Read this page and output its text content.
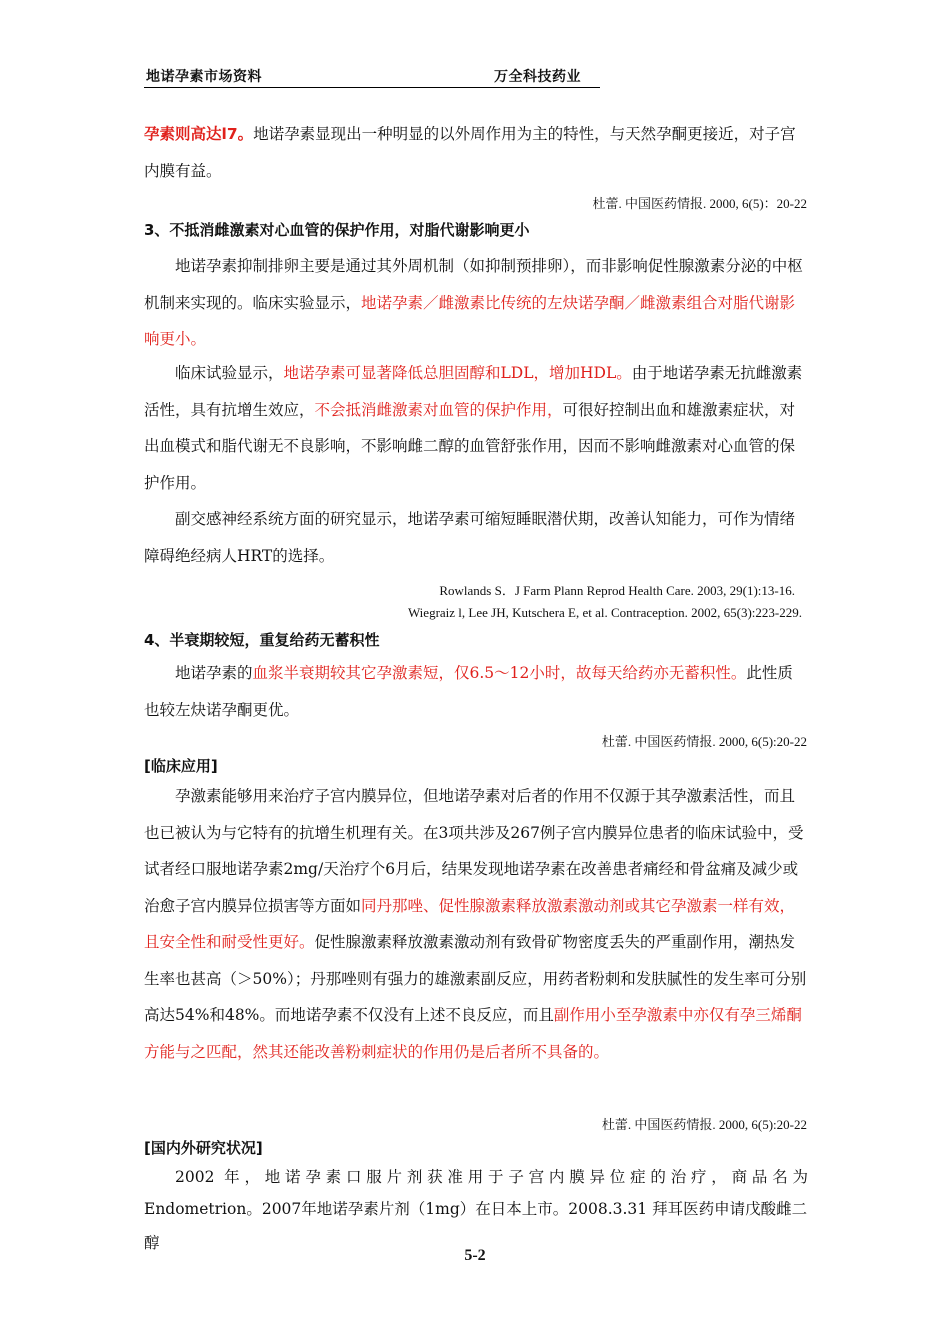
地诺孕素市场资料	万全科技药业

孕素则高达l7。地诺孕素显现出一种明显的以外周作用为主的特性，与天然孕酮更接近，对子宫内膜有益。

杜蕾. 中国医药情报. 2000, 6(5)：20-22
3、不抵消雌激素对心血管的保护作用，对脂代谢影响更小

地诺孕素抑制排卵主要是通过其外周机制（如抑制预排卵），而非影响促性腺激素分泌的中枢机制来实现的。临床实验显示，地诺孕素／雌激素比传统的左炔诺孕酮／雌激素组合对脂代谢影响更小。

临床试验显示，地诺孕素可显著降低总胆固醇和LDL，增加HDL。由于地诺孕素无抗雌激素活性，具有抗增生效应，不会抵消雌激素对血管的保护作用，可很好控制出血和雄激素症状，对出血模式和脂代谢无不良影响，不影响雌二醇的血管舒张作用，因而不影响雌激素对心血管的保护作用。

副交感神经系统方面的研究显示，地诺孕素可缩短睡眠潜伏期，改善认知能力，可作为情绪障碍绝经病人HRT的选择。

Rowlands S．J Farm Plann Reprod Health Care. 2003, 29(1):13-16.
Wiegraiz l, Lee JH, Kutschera E, et al. Contraception. 2002, 65(3):223-229.
4、半衰期较短，重复给药无蓄积性

地诺孕素的血浆半衰期较其它孕激素短，仅6.5～12小时，故每天给药亦无蓄积性。此性质也较左炔诺孕酮更优。

杜蕾. 中国医药情报. 2000, 6(5):20-22
[临床应用]

孕激素能够用来治疗子宫内膜异位，但地诺孕素对后者的作用不仅源于其孕激素活性，而且也已被认为与它特有的抗增生机理有关。在3项共涉及267例子宫内膜异位患者的临床试验中，受试者经口服地诺孕素2mg/天治疗个6月后，结果发现地诺孕素在改善患者痛经和骨盆痛及减少或治愈子宫内膜异位损害等方面如同丹那唑、促性腺激素释放激素激动剂或其它孕激素一样有效，且安全性和耐受性更好。促性腺激素释放激素激动剂有致骨矿物密度丢失的严重副作用，潮热发生率也甚高（＞50%）；丹那唑则有强力的雄激素副反应，用药者粉刺和发肤腻性的发生率可分别高达54%和48%。而地诺孕素不仅没有上述不良反应，而且副作用小至孕激素中亦仅有孕三烯酮方能与之匹配，然其还能改善粉刺症状的作用仍是后者所不具备的。

杜蕾. 中国医药情报. 2000, 6(5):20-22
[国内外研究状况]

2002 年，地诺孕素口服片剂获准用于子宫内膜异位症的治疗，商品名为

Endometrion。2007年地诺孕素片剂（1mg）在日本上市。2008.3.31 拜耳医药申请戊酸雌二醇

5-2
